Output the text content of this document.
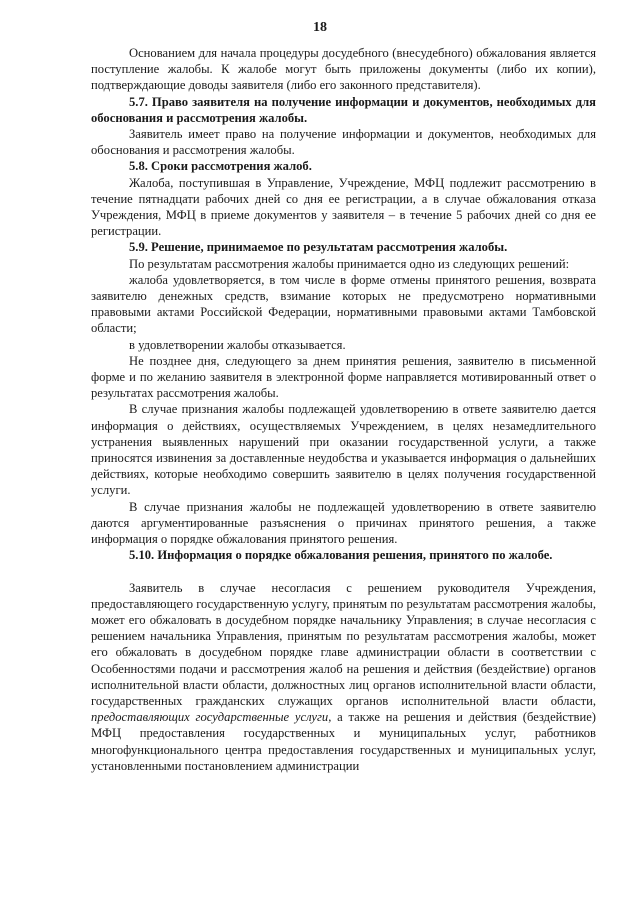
18

Основанием для начала процедуры досудебного (внесудебного) обжалования является поступление жалобы. К жалобе могут быть приложены документы (либо их копии), подтверждающие доводы заявителя (либо его законного представителя).

5.7. Право заявителя на получение информации и документов, необходимых для обоснования и рассмотрения жалобы.

Заявитель имеет право на получение информации и документов, необходимых для обоснования и рассмотрения жалобы.

5.8. Сроки рассмотрения жалоб.

Жалоба, поступившая в Управление, Учреждение, МФЦ подлежит рассмотрению в течение пятнадцати рабочих дней со дня ее регистрации, а в случае обжалования отказа Учреждения, МФЦ в приеме документов у заявителя – в течение 5 рабочих дней со дня ее регистрации.

5.9. Решение, принимаемое по результатам рассмотрения жалобы.

По результатам рассмотрения жалобы принимается одно из следующих решений:

жалоба удовлетворяется, в том числе в форме отмены принятого решения, возврата заявителю денежных средств, взимание которых не предусмотрено нормативными правовыми актами Российской Федерации, нормативными правовыми актами Тамбовской области;

в удовлетворении жалобы отказывается.

Не позднее дня, следующего за днем принятия решения, заявителю в письменной форме и по желанию заявителя в электронной форме направляется мотивированный ответ о результатах рассмотрения жалобы.

В случае признания жалобы подлежащей удовлетворению в ответе заявителю дается информация о действиях, осуществляемых Учреждением, в целях незамедлительного устранения выявленных нарушений при оказании государственной услуги, а также приносятся извинения за доставленные неудобства и указывается информация о дальнейших действиях, которые необходимо совершить заявителю в целях получения государственной услуги.

В случае признания жалобы не подлежащей удовлетворению в ответе заявителю даются аргументированные разъяснения о причинах принятого решения, а также информация о порядке обжалования принятого решения.

5.10. Информация о порядке обжалования решения, принятого по жалобе.

Заявитель в случае несогласия с решением руководителя Учреждения, предоставляющего государственную услугу, принятым по результатам рассмотрения жалобы, может его обжаловать в досудебном порядке начальнику Управления; в случае несогласия с решением начальника Управления, принятым по результатам рассмотрения жалобы, может его обжаловать в досудебном порядке главе администрации области в соответствии с Особенностями подачи и рассмотрения жалоб на решения и действия (бездействие) органов исполнительной власти области, должностных лиц органов исполнительной власти области, государственных гражданских служащих органов исполнительной власти области, предоставляющих государственные услуги, а также на решения и действия (бездействие) МФЦ предоставления государственных и муниципальных услуг, работников многофункционального центра предоставления государственных и муниципальных услуг, установленными постановлением администрации
